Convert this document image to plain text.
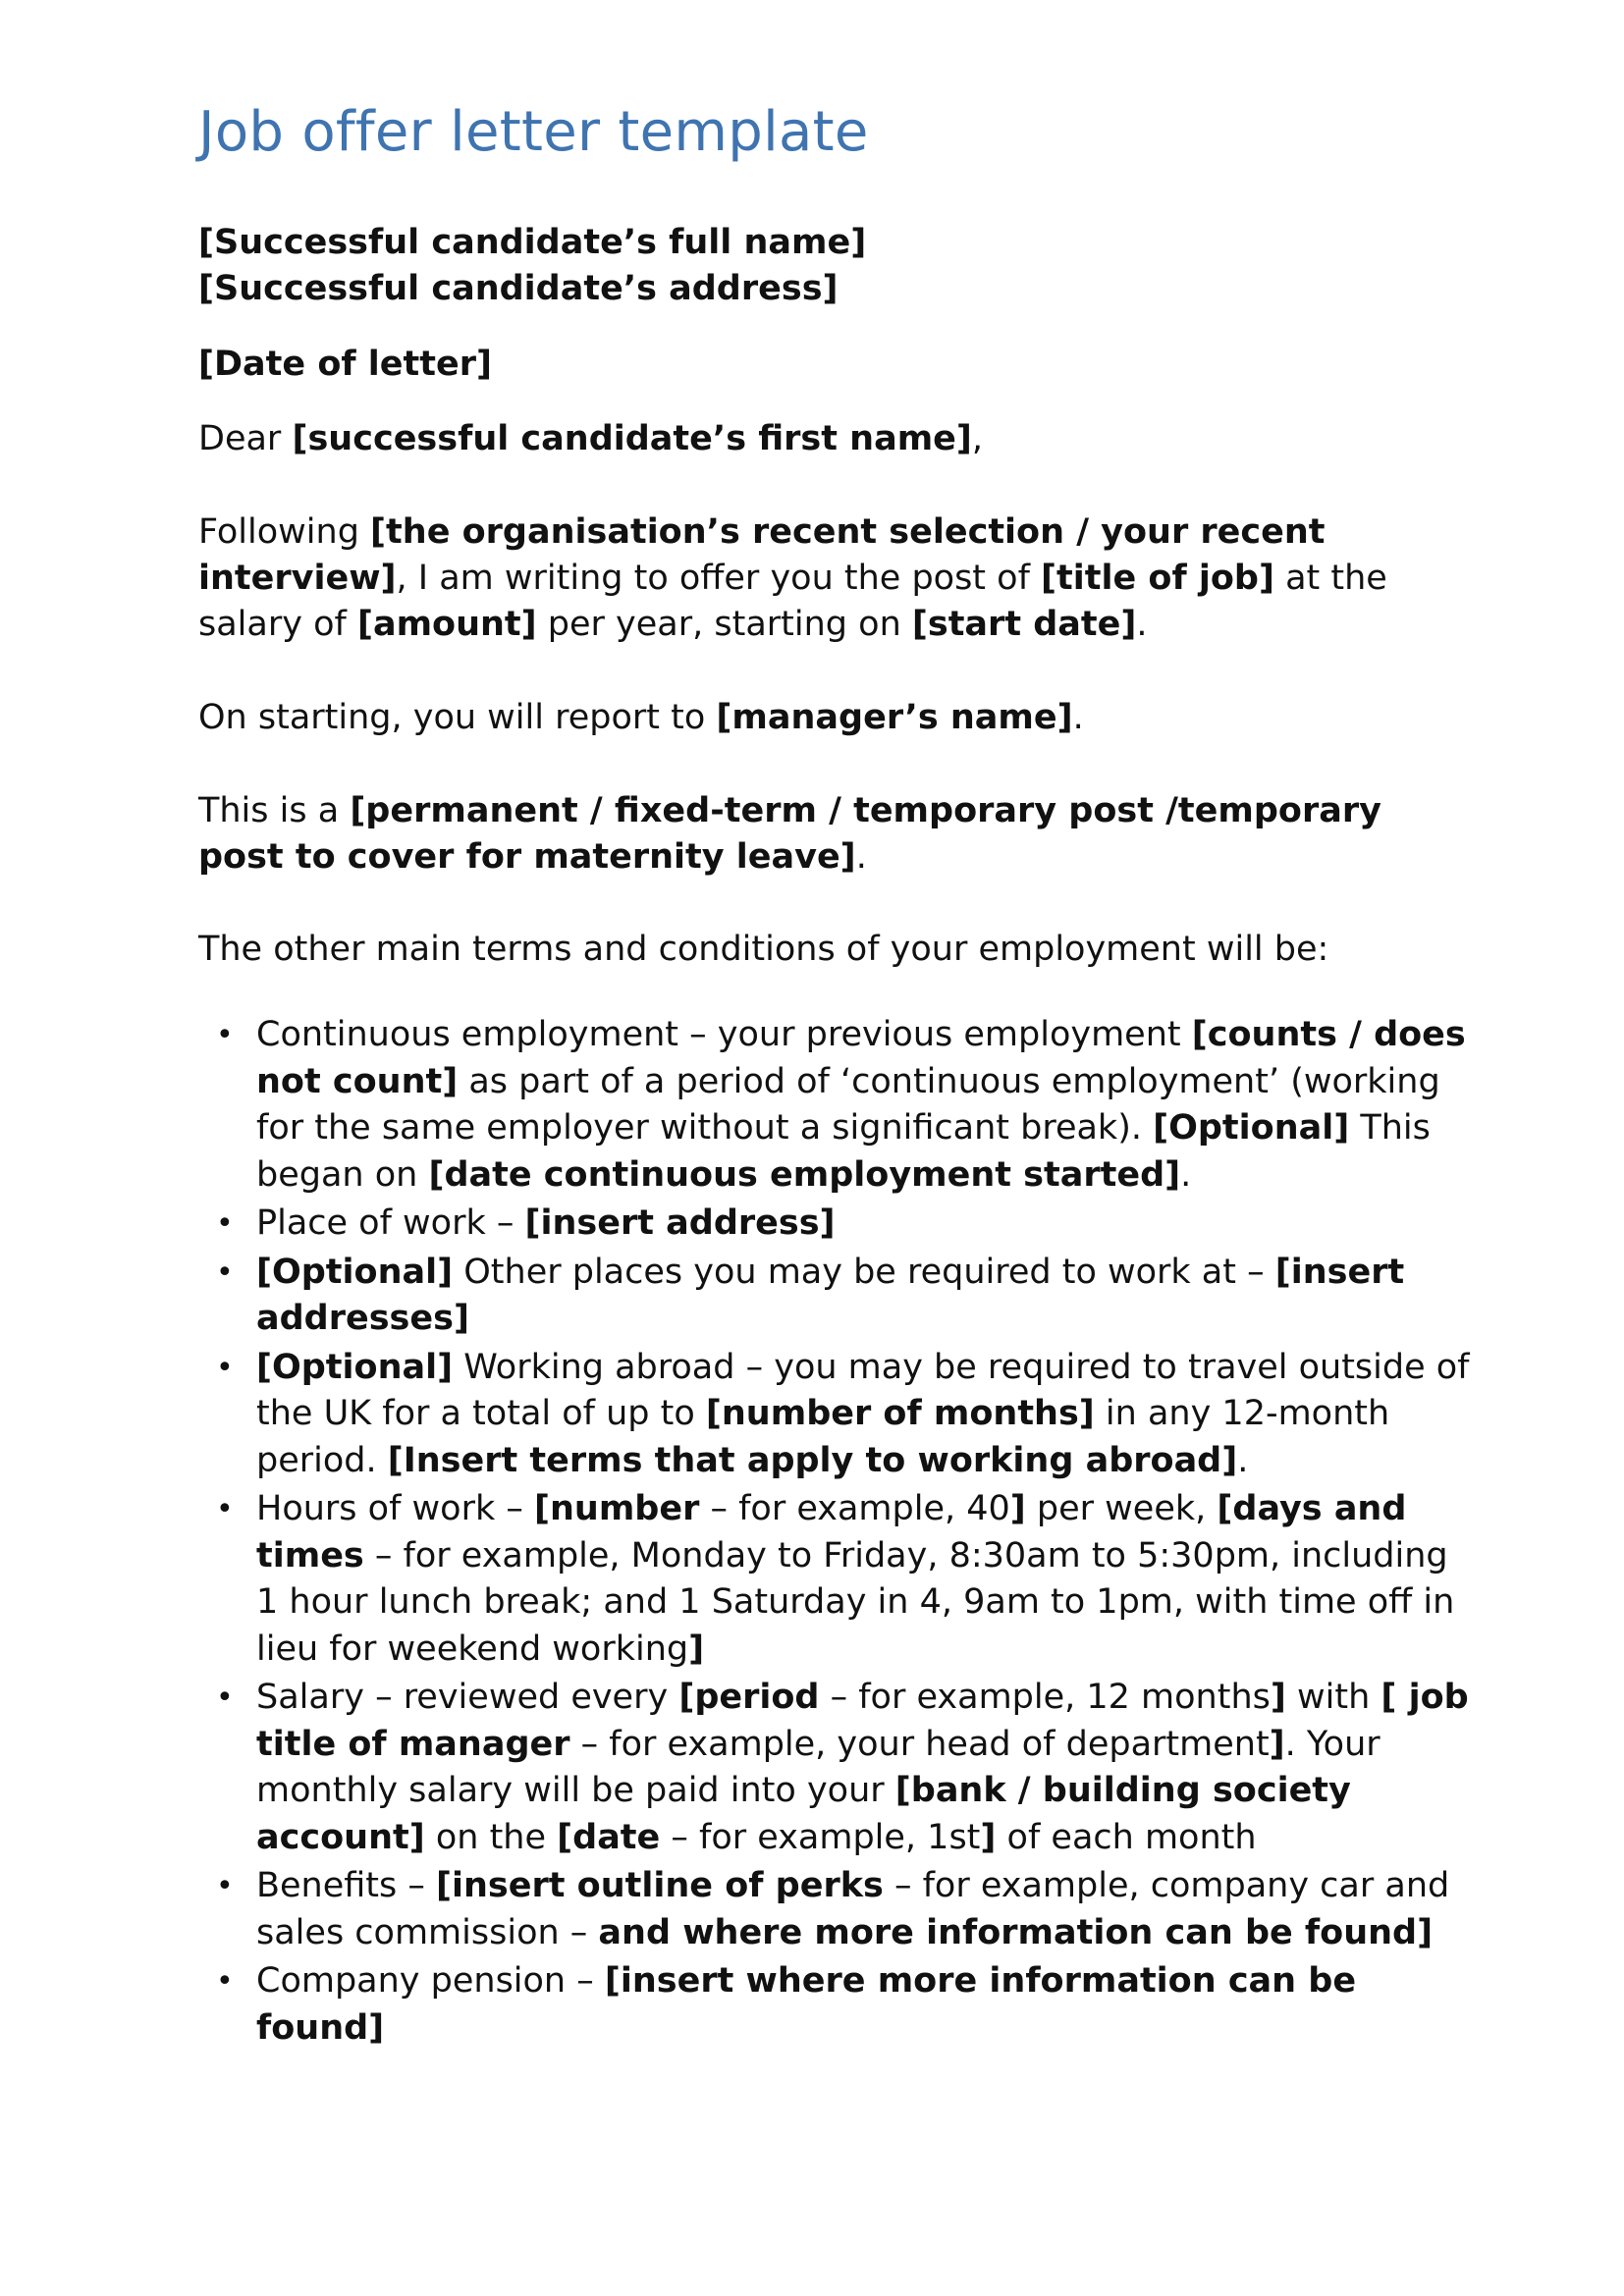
Job offer letter template
[Successful candidate’s full name]
[Successful candidate’s address]

[Date of letter]

Dear [successful candidate’s first name],

Following [the organisation’s recent selection / your recent interview], I am writing to offer you the post of [title of job] at the salary of [amount] per year, starting on [start date].

On starting, you will report to [manager’s name].

This is a [permanent / fixed-term / temporary post /temporary post to cover for maternity leave].

The other main terms and conditions of your employment will be:

• Continuous employment – your previous employment [counts / does not count] as part of a period of ‘continuous employment’ (working for the same employer without a significant break). [Optional] This began on [date continuous employment started].
• Place of work – [insert address]
• [Optional] Other places you may be required to work at – [insert addresses]
• [Optional] Working abroad – you may be required to travel outside of the UK for a total of up to [number of months] in any 12-month period. [Insert terms that apply to working abroad].
• Hours of work – [number – for example, 40] per week, [days and times – for example, Monday to Friday, 8:30am to 5:30pm, including 1 hour lunch break; and 1 Saturday in 4, 9am to 1pm, with time off in lieu for weekend working]
• Salary – reviewed every [period – for example, 12 months] with [ job title of manager – for example, your head of department]. Your monthly salary will be paid into your [bank / building society account] on the [date – for example, 1st] of each month
• Benefits – [insert outline of perks – for example, company car and sales commission – and where more information can be found]
• Company pension – [insert where more information can be found]
